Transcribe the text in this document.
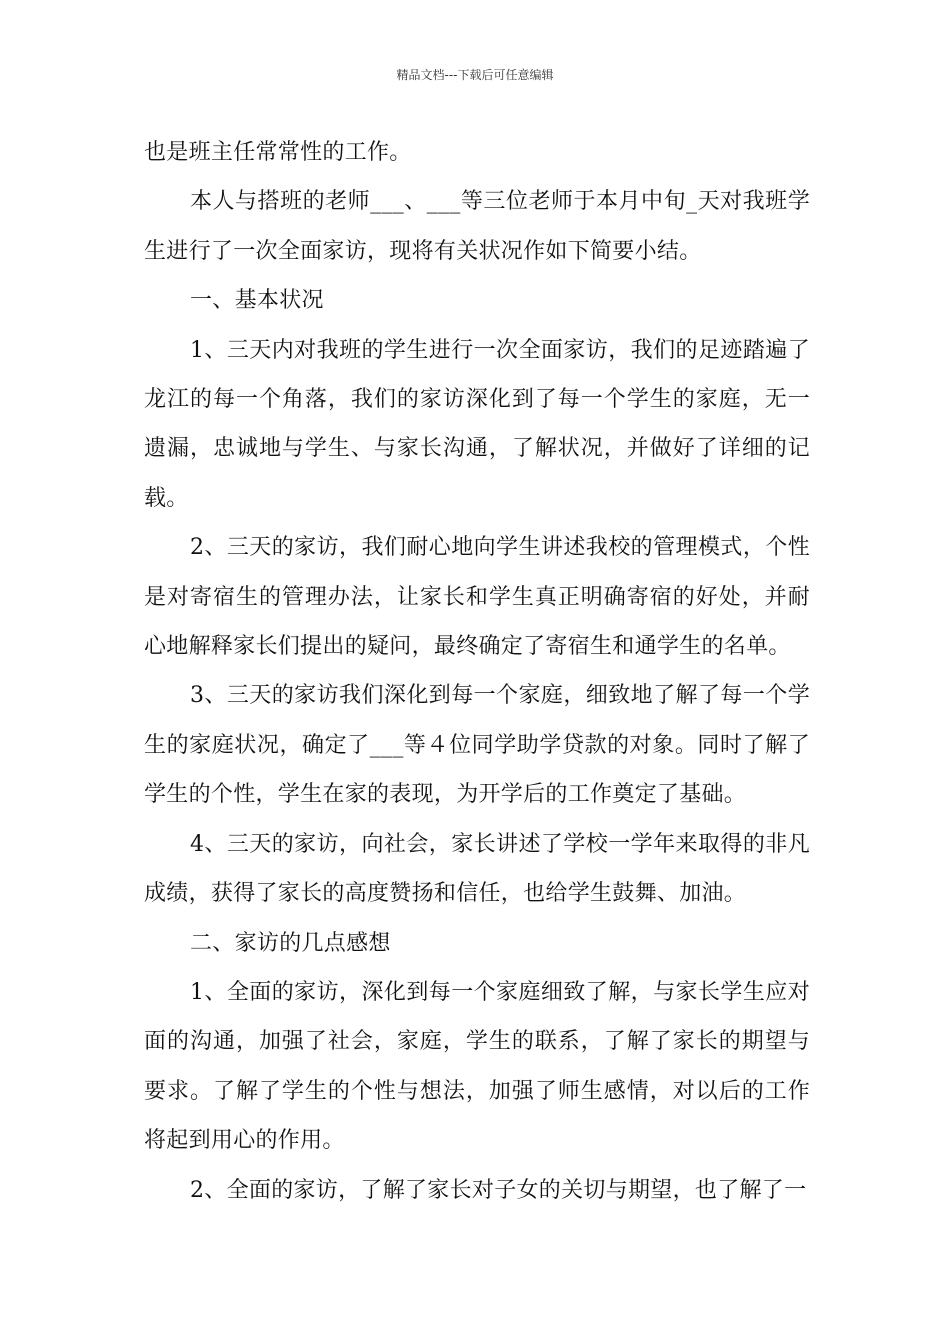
精品文档---下载后可任意编辑

也是班主任常常性的工作。

本人与搭班的老师___、___等三位老师于本月中旬_天对我班学生进行了一次全面家访，现将有关状况作如下简要小结。

一、基本状况

1、三天内对我班的学生进行一次全面家访，我们的足迹踏遍了龙江的每一个角落，我们的家访深化到了每一个学生的家庭，无一遗漏，忠诚地与学生、与家长沟通，了解状况，并做好了详细的记载。

2、三天的家访，我们耐心地向学生讲述我校的管理模式，个性是对寄宿生的管理办法，让家长和学生真正明确寄宿的好处，并耐心地解释家长们提出的疑问，最终确定了寄宿生和通学生的名单。

3、三天的家访我们深化到每一个家庭，细致地了解了每一个学生的家庭状况，确定了___等４位同学助学贷款的对象。同时了解了学生的个性，学生在家的表现，为开学后的工作奠定了基础。

4、三天的家访，向社会，家长讲述了学校一学年来取得的非凡成绩，获得了家长的高度赞扬和信任，也给学生鼓舞、加油。

二、家访的几点感想

1、全面的家访，深化到每一个家庭细致了解，与家长学生应对面的沟通，加强了社会，家庭，学生的联系，了解了家长的期望与要求。了解了学生的个性与想法，加强了师生感情，对以后的工作将起到用心的作用。

2、全面的家访，了解了家长对子女的关切与期望，也了解了一
